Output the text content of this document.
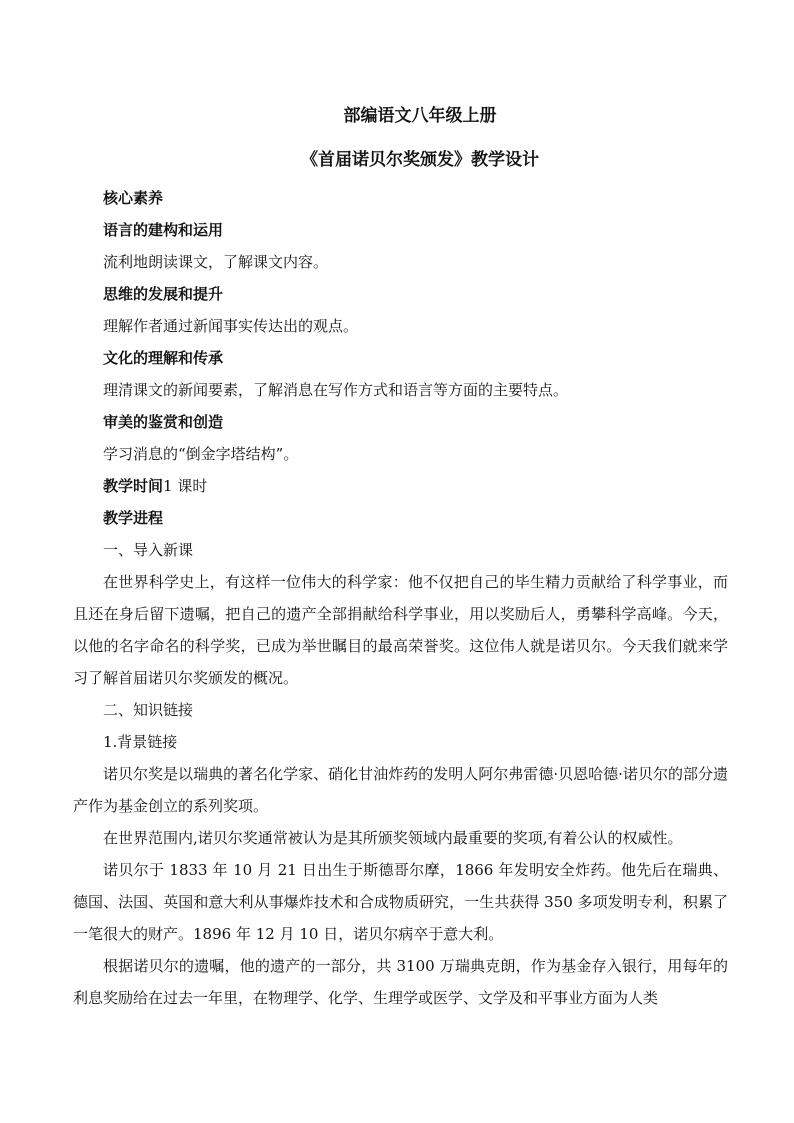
部编语文八年级上册
《首届诺贝尔奖颁发》教学设计
核心素养
语言的建构和运用
流利地朗读课文，了解课文内容。
思维的发展和提升
理解作者通过新闻事实传达出的观点。
文化的理解和传承
理清课文的新闻要素，了解消息在写作方式和语言等方面的主要特点。
审美的鉴赏和创造
学习消息的“倒金字塔结构”。
教学时间1 课时
教学进程
一、导入新课
在世界科学史上，有这样一位伟大的科学家：他不仅把自己的毕生精力贡献给了科学事业，而且还在身后留下遗嘱，把自己的遗产全部捐献给科学事业，用以奖励后人，勇攀科学高峰。今天，以他的名字命名的科学奖，已成为举世瞩目的最高荣誉奖。这位伟人就是诺贝尔。今天我们就来学习了解首届诺贝尔奖颁发的概况。
二、知识链接
1.背景链接
诺贝尔奖是以瑞典的著名化学家、硝化甘油炸药的发明人阿尔弗雷德·贝恩哈德·诺贝尔的部分遗产作为基金创立的系列奖项。
在世界范围内,诺贝尔奖通常被认为是其所颁奖领域内最重要的奖项,有着公认的权威性。
诺贝尔于 1833 年 10 月 21 日出生于斯德哥尔摩，1866 年发明安全炸药。他先后在瑞典、德国、法国、英国和意大利从事爆炸技术和合成物质研究，一生共获得 350 多项发明专利，积累了一笔很大的财产。1896 年 12 月 10 日，诺贝尔病卒于意大利。
根据诺贝尔的遗嘱，他的遗产的一部分，共 3100 万瑞典克朗，作为基金存入银行，用每年的利息奖励给在过去一年里，在物理学、化学、生理学或医学、文学及和平事业方面为人类
